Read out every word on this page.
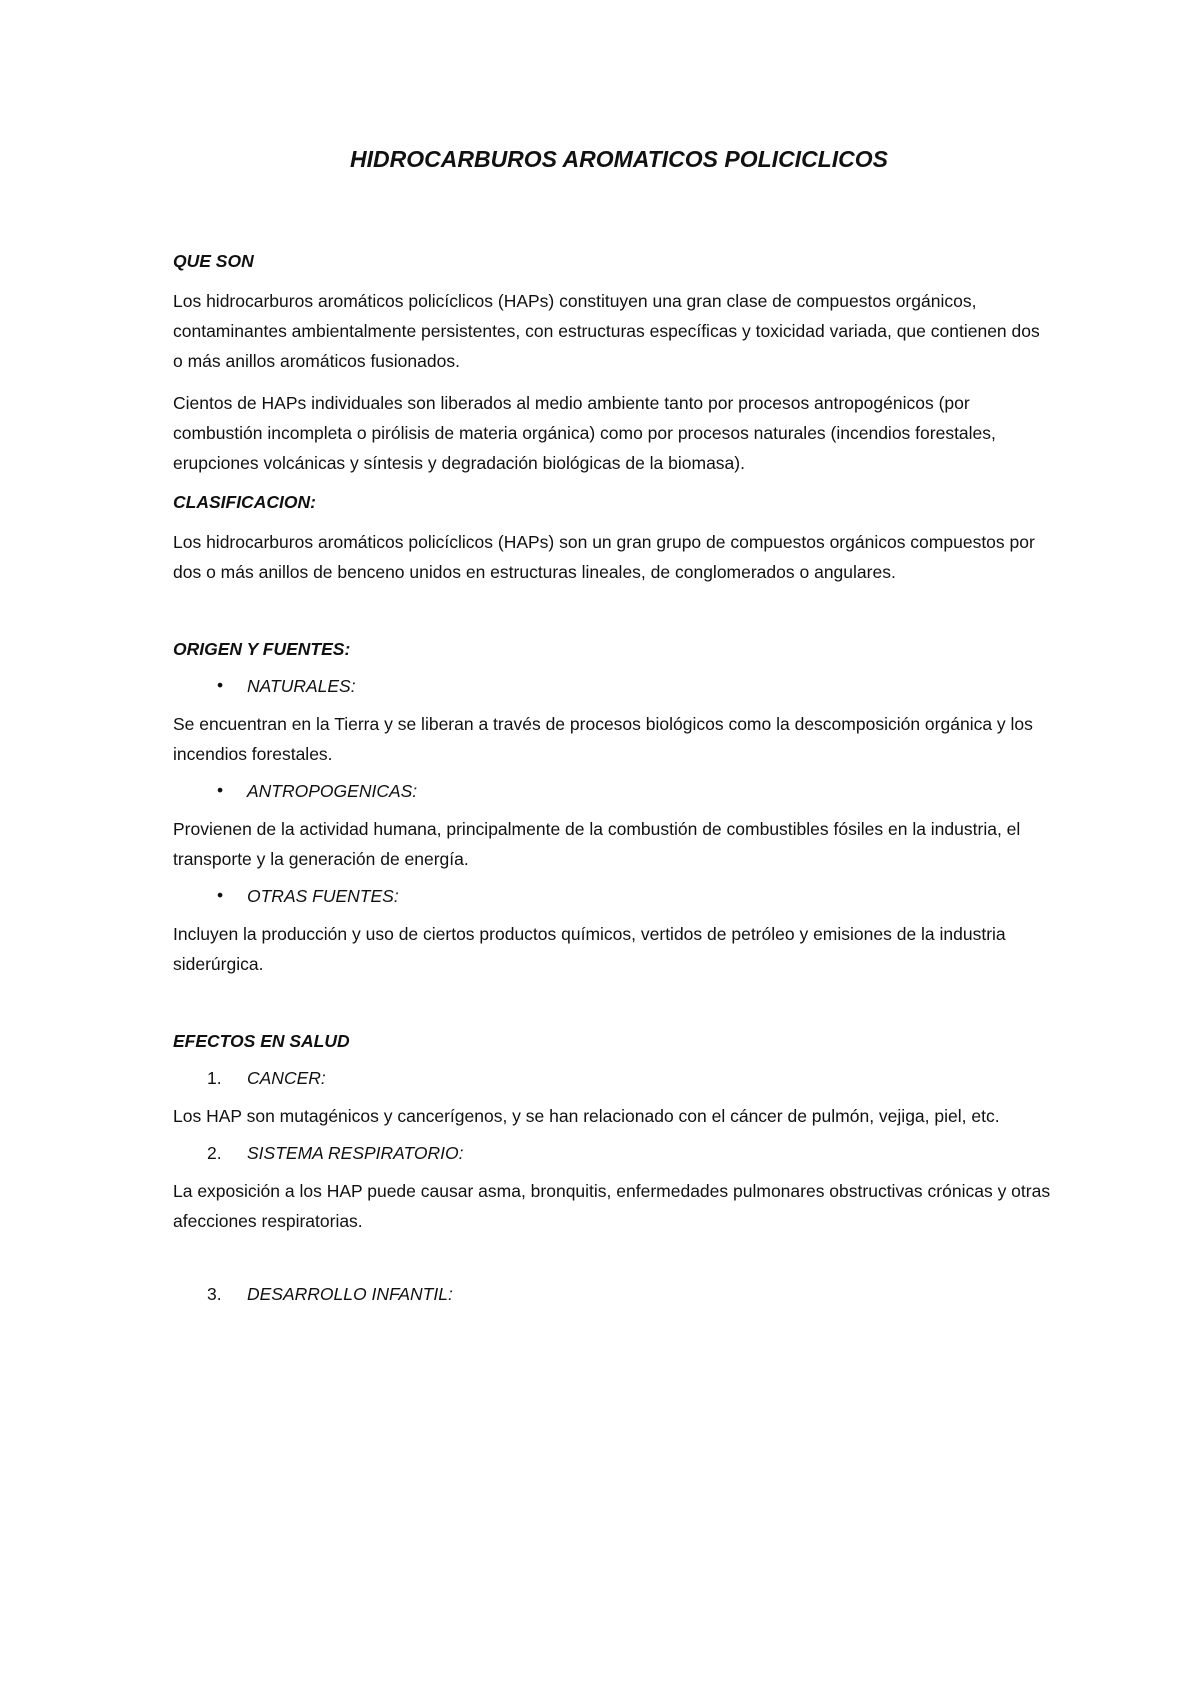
HIDROCARBUROS AROMATICOS POLICICLICOS

QUE SON

Los hidrocarburos aromáticos policíclicos (HAPs) constituyen una gran clase de compuestos orgánicos, contaminantes ambientalmente persistentes, con estructuras específicas y toxicidad variada, que contienen dos o más anillos aromáticos fusionados.

Cientos de HAPs individuales son liberados al medio ambiente tanto por procesos antropogénicos (por combustión incompleta o pirólisis de materia orgánica) como por procesos naturales (incendios forestales, erupciones volcánicas y síntesis y degradación biológicas de la biomasa).

CLASIFICACION:

Los hidrocarburos aromáticos policíclicos (HAPs) son un gran grupo de compuestos orgánicos compuestos por dos o más anillos de benceno unidos en estructuras lineales, de conglomerados o angulares.

ORIGEN Y FUENTES:

• NATURALES:

Se encuentran en la Tierra y se liberan a través de procesos biológicos como la descomposición orgánica y los incendios forestales.

• ANTROPOGENICAS:

Provienen de la actividad humana, principalmente de la combustión de combustibles fósiles en la industria, el transporte y la generación de energía.

• OTRAS FUENTES:

Incluyen la producción y uso de ciertos productos químicos, vertidos de petróleo y emisiones de la industria siderúrgica.

EFECTOS EN SALUD

1. CANCER:

Los HAP son mutagénicos y cancerígenos, y se han relacionado con el cáncer de pulmón, vejiga, piel, etc.

2. SISTEMA RESPIRATORIO:

La exposición a los HAP puede causar asma, bronquitis, enfermedades pulmonares obstructivas crónicas y otras afecciones respiratorias.

3. DESARROLLO INFANTIL:
